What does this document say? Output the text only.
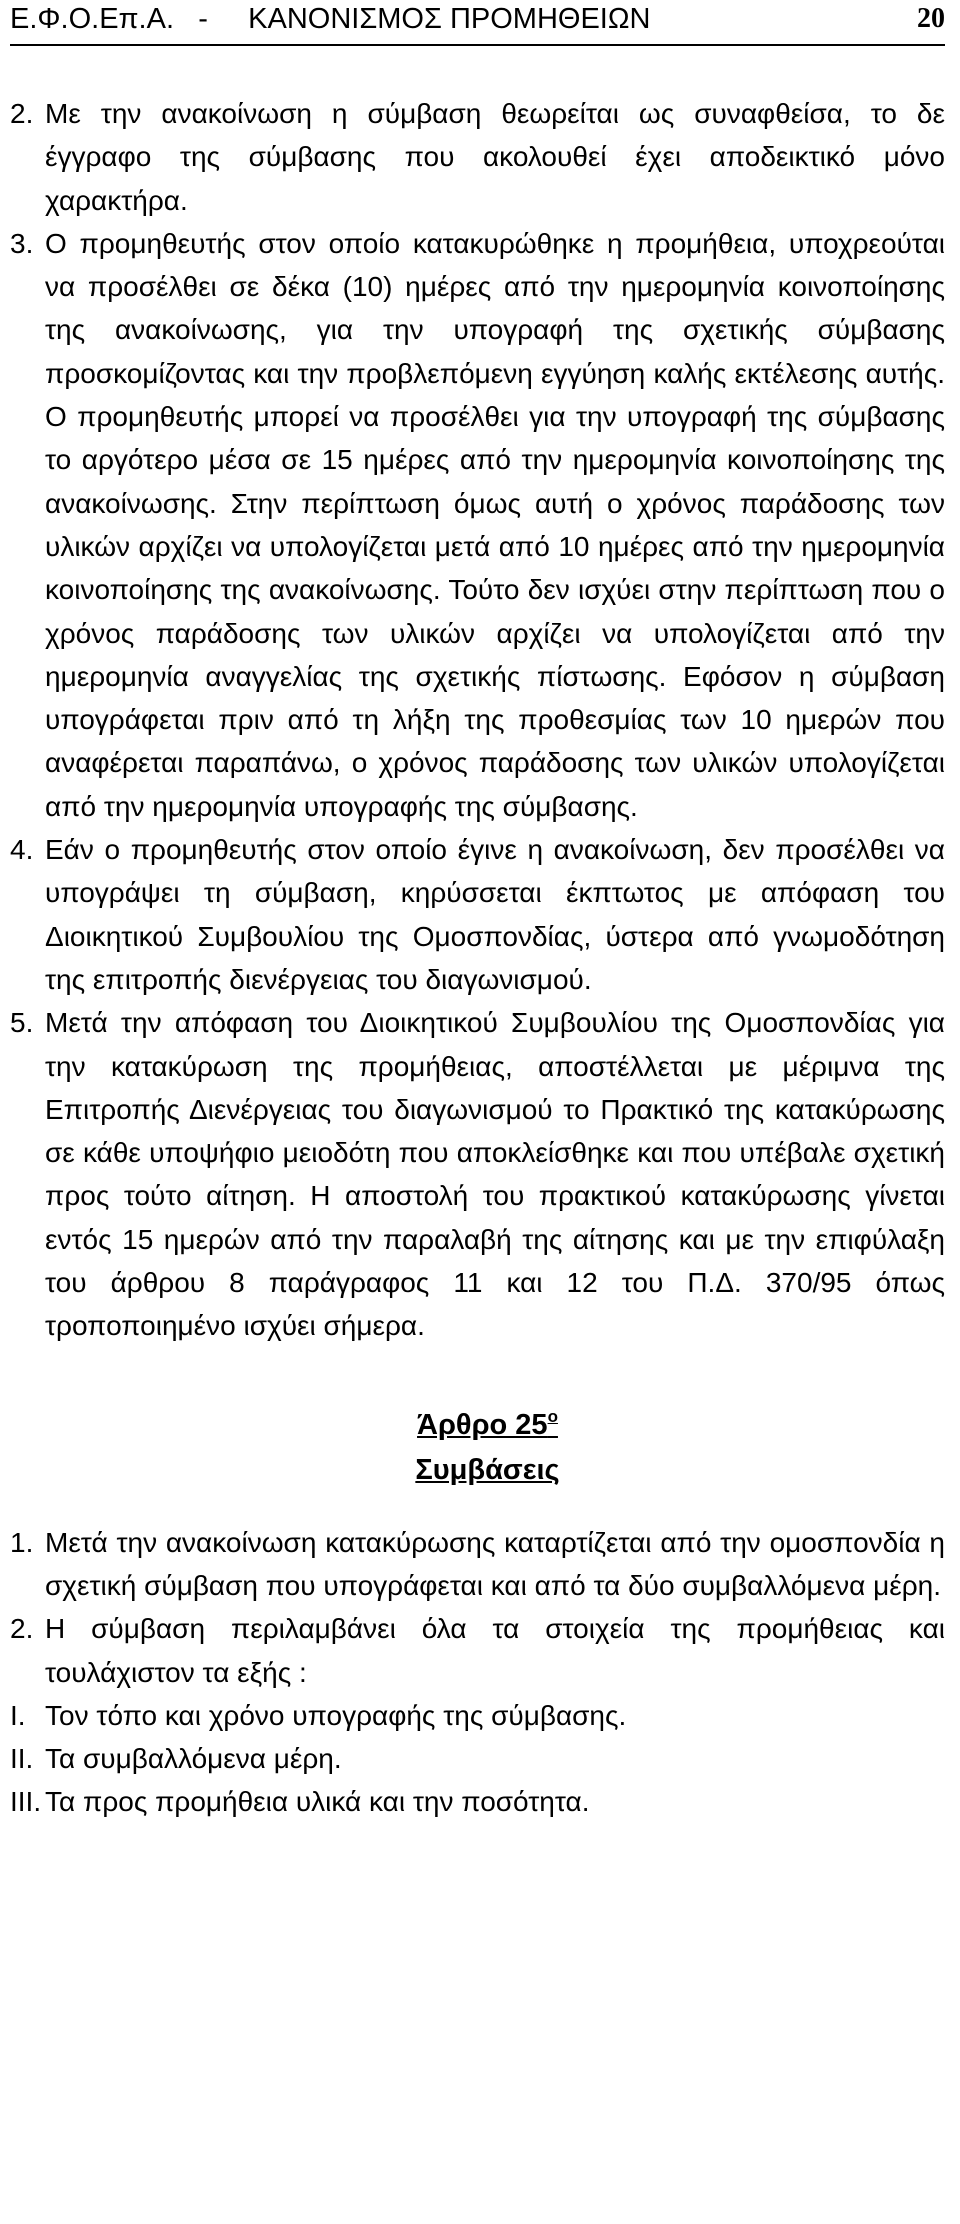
Ε.Φ.Ο.Επ.Α.   -     ΚΑΝΟΝΙΣΜΟΣ ΠΡΟΜΗΘΕΙΩΝ	20
2. Με την ανακοίνωση η σύμβαση θεωρείται ως συναφθείσα, το δε έγγραφο της σύμβασης που ακολουθεί έχει αποδεικτικό μόνο χαρακτήρα.
3. Ο προμηθευτής στον οποίο κατακυρώθηκε η προμήθεια, υποχρεούται να προσέλθει σε δέκα (10) ημέρες από την ημερομηνία κοινοποίησης της ανακοίνωσης, για την υπογραφή της σχετικής σύμβασης προσκομίζοντας και την προβλεπόμενη εγγύηση καλής εκτέλεσης αυτής. Ο προμηθευτής μπορεί να προσέλθει για την υπογραφή της σύμβασης το αργότερο μέσα σε 15 ημέρες από την ημερομηνία κοινοποίησης της ανακοίνωσης. Στην περίπτωση όμως αυτή ο χρόνος παράδοσης των υλικών αρχίζει να υπολογίζεται μετά από 10 ημέρες από την ημερομηνία κοινοποίησης της ανακοίνωσης. Τούτο δεν ισχύει στην περίπτωση που ο χρόνος παράδοσης των υλικών αρχίζει να υπολογίζεται από την ημερομηνία αναγγελίας της σχετικής πίστωσης. Εφόσον η σύμβαση υπογράφεται πριν από τη λήξη της προθεσμίας των 10 ημερών που αναφέρεται παραπάνω, ο χρόνος παράδοσης των υλικών υπολογίζεται από την ημερομηνία υπογραφής της σύμβασης.
4. Εάν ο προμηθευτής στον οποίο έγινε η ανακοίνωση, δεν προσέλθει να υπογράψει τη σύμβαση, κηρύσσεται έκπτωτος με απόφαση του Διοικητικού Συμβουλίου της Ομοσπονδίας, ύστερα από γνωμοδότηση της επιτροπής διενέργειας του διαγωνισμού.
5. Μετά την απόφαση του Διοικητικού Συμβουλίου της Ομοσπονδίας για την κατακύρωση της προμήθειας, αποστέλλεται με μέριμνα της Επιτροπής Διενέργειας του διαγωνισμού το Πρακτικό της κατακύρωσης σε κάθε υποψήφιο μειοδότη που αποκλείσθηκε και που υπέβαλε σχετική προς τούτο αίτηση. Η αποστολή του πρακτικού κατακύρωσης γίνεται εντός 15 ημερών από την παραλαβή της αίτησης και με την επιφύλαξη του άρθρου 8 παράγραφος 11 και 12 του Π.Δ. 370/95 όπως τροποποιημένο ισχύει σήμερα.
Άρθρο $25^o$
Συμβάσεις
1. Μετά την ανακοίνωση κατακύρωσης καταρτίζεται από την ομοσπονδία η σχετική σύμβαση που υπογράφεται και από τα δύο συμβαλλόμενα μέρη.
2. Η σύμβαση περιλαμβάνει όλα τα στοιχεία της προμήθειας και τουλάχιστον τα εξής :
Ι. Τον τόπο και χρόνο υπογραφής της σύμβασης.
ΙΙ. Τα συμβαλλόμενα μέρη.
ΙΙΙ. Τα προς προμήθεια υλικά και την ποσότητα.
